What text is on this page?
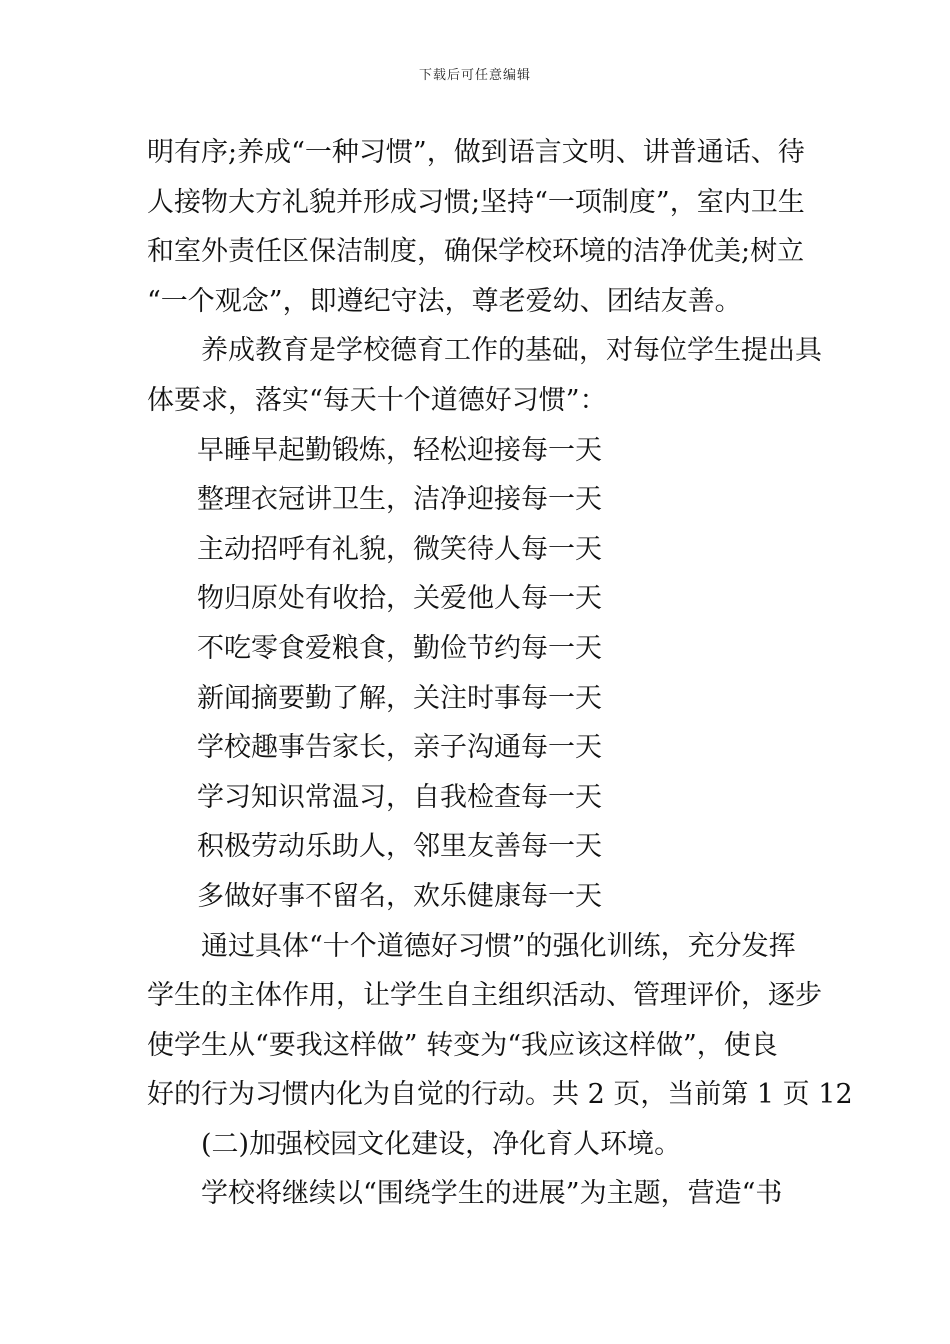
下载后可任意编辑

明有序;养成“一种习惯”，做到语言文明、讲普通话、待

人接物大方礼貌并形成习惯;坚持“一项制度”，室内卫生

和室外责任区保洁制度，确保学校环境的洁净优美;树立

“一个观念”，即遵纪守法，尊老爱幼、团结友善。

养成教育是学校德育工作的基础，对每位学生提出具

体要求，落实“每天十个道德好习惯”：

早睡早起勤锻炼，轻松迎接每一天

整理衣冠讲卫生，洁净迎接每一天

主动招呼有礼貌，微笑待人每一天

物归原处有收拾，关爱他人每一天

不吃零食爱粮食，勤俭节约每一天

新闻摘要勤了解，关注时事每一天

学校趣事告家长，亲子沟通每一天

学习知识常温习，自我检查每一天

积极劳动乐助人，邻里友善每一天

多做好事不留名，欢乐健康每一天

通过具体“十个道德好习惯”的强化训练，充分发挥

学生的主体作用，让学生自主组织活动、管理评价，逐步

使学生从“要我这样做” 转变为“我应该这样做”，使良

好的行为习惯内化为自觉的行动。共 2 页，当前第 1 页 12

(二)加强校园文化建设，净化育人环境。

学校将继续以“围绕学生的进展”为主题，营造“书
